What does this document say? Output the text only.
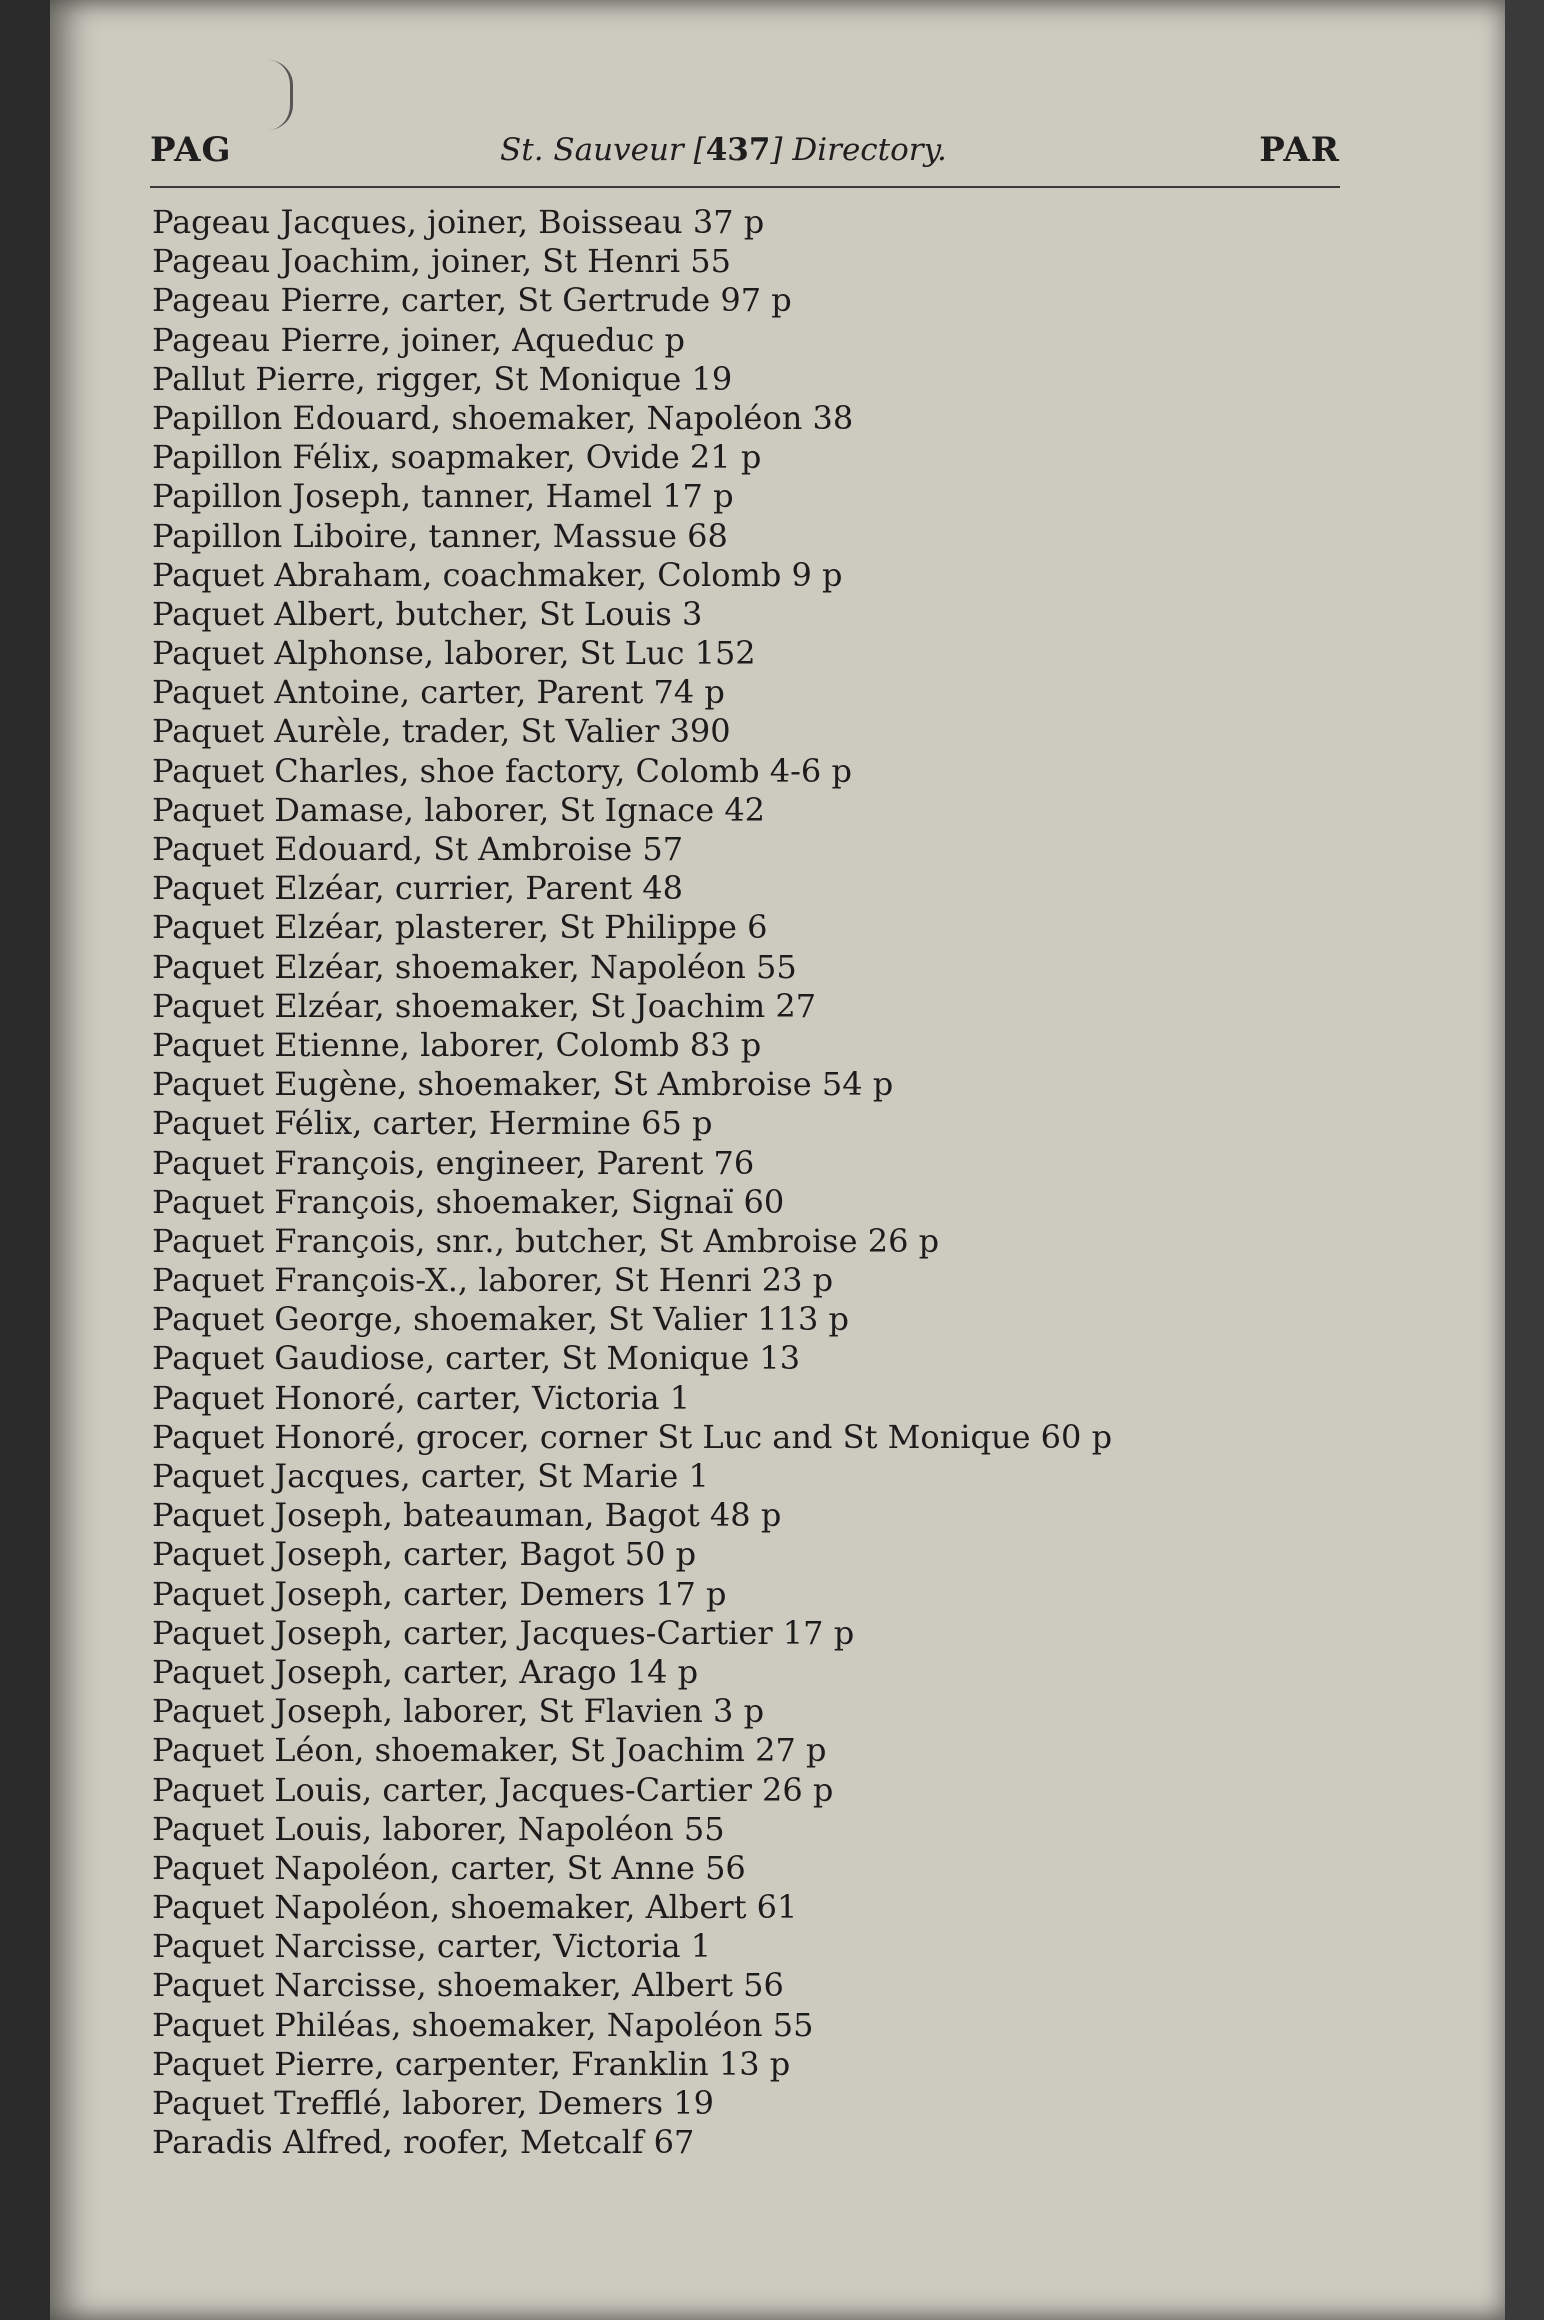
PAG	St. Sauveur [437] Directory.	PAR
Pageau Jacques, joiner, Boisseau 37 p
Pageau Joachim, joiner, St Henri 55
Pageau Pierre, carter, St Gertrude 97 p
Pageau Pierre, joiner, Aqueduc p
Pallut Pierre, rigger, St Monique 19
Papillon Edouard, shoemaker, Napoléon 38
Papillon Félix, soapmaker, Ovide 21 p
Papillon Joseph, tanner, Hamel 17 p
Papillon Liboire, tanner, Massue 68
Paquet Abraham, coachmaker, Colomb 9 p
Paquet Albert, butcher, St Louis 3
Paquet Alphonse, laborer, St Luc 152
Paquet Antoine, carter, Parent 74 p
Paquet Aurèle, trader, St Valier 390
Paquet Charles, shoe factory, Colomb 4-6 p
Paquet Damase, laborer, St Ignace 42
Paquet Edouard, St Ambroise 57
Paquet Elzéar, currier, Parent 48
Paquet Elzéar, plasterer, St Philippe 6
Paquet Elzéar, shoemaker, Napoléon 55
Paquet Elzéar, shoemaker, St Joachim 27
Paquet Etienne, laborer, Colomb 83 p
Paquet Eugène, shoemaker, St Ambroise 54 p
Paquet Félix, carter, Hermine 65 p
Paquet François, engineer, Parent 76
Paquet François, shoemaker, Signaï 60
Paquet François, snr., butcher, St Ambroise 26 p
Paquet François-X., laborer, St Henri 23 p
Paquet George, shoemaker, St Valier 113 p
Paquet Gaudiose, carter, St Monique 13
Paquet Honoré, carter, Victoria 1
Paquet Honoré, grocer, corner St Luc and St Monique 60 p
Paquet Jacques, carter, St Marie 1
Paquet Joseph, bateauman, Bagot 48 p
Paquet Joseph, carter, Bagot 50 p
Paquet Joseph, carter, Demers 17 p
Paquet Joseph, carter, Jacques-Cartier 17 p
Paquet Joseph, carter, Arago 14 p
Paquet Joseph, laborer, St Flavien 3 p
Paquet Léon, shoemaker, St Joachim 27 p
Paquet Louis, carter, Jacques-Cartier 26 p
Paquet Louis, laborer, Napoléon 55
Paquet Napoléon, carter, St Anne 56
Paquet Napoléon, shoemaker, Albert 61
Paquet Narcisse, carter, Victoria 1
Paquet Narcisse, shoemaker, Albert 56
Paquet Philéas, shoemaker, Napoléon 55
Paquet Pierre, carpenter, Franklin 13 p
Paquet Trefflé, laborer, Demers 19
Paradis Alfred, roofer, Metcalf 67
